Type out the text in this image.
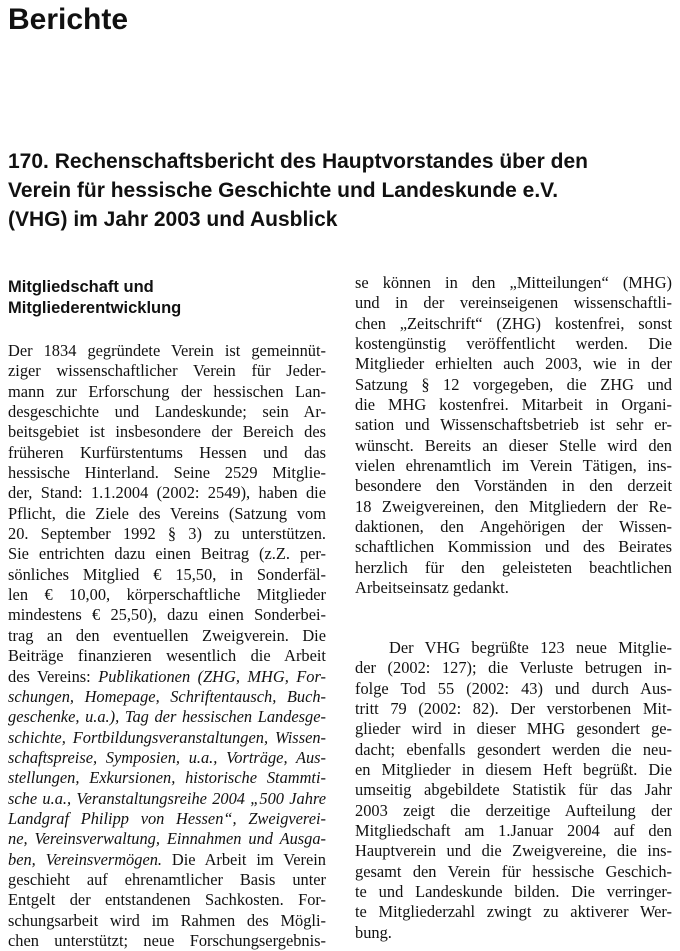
Berichte
170. Rechenschaftsbericht des Hauptvorstandes über den
Verein für hessische Geschichte und Landeskunde e.V.
(VHG) im Jahr 2003 und Ausblick
Mitgliedschaft und
Mitgliederentwicklung
Der 1834 gegründete Verein ist gemeinnüt-
ziger wissenschaftlicher Verein für Jeder-
mann zur Erforschung der hessischen Lan-
desgeschichte und Landeskunde; sein Ar-
beitsgebiet ist insbesondere der Bereich des
früheren Kurfürstentums Hessen und das
hessische Hinterland. Seine 2529 Mitglie-
der, Stand: 1.1.2004 (2002: 2549), haben die
Pflicht, die Ziele des Vereins (Satzung vom
20. September 1992 § 3) zu unterstützen.
Sie entrichten dazu einen Beitrag (z.Z. per-
sönliches Mitglied € 15,50, in Sonderfäl-
len € 10,00, körperschaftliche Mitglieder
mindestens € 25,50), dazu einen Sonderbei-
trag an den eventuellen Zweigverein. Die
Beiträge finanzieren wesentlich die Arbeit
des Vereins: Publikationen (ZHG, MHG, For-
schungen, Homepage, Schriftentausch, Buch-
geschenke, u.a.), Tag der hessischen Landesge-
schichte, Fortbildungsveranstaltungen, Wissen-
schaftspreise, Symposien, u.a., Vorträge, Aus-
stellungen, Exkursionen, historische Stammti-
sche u.a., Veranstaltungsreihe 2004 „500 Jahre
Landgraf Philipp von Hessen“, Zweigverei-
ne, Vereinsverwaltung, Einnahmen und Ausga-
ben, Vereinsvermögen. Die Arbeit im Verein
geschieht auf ehrenamtlicher Basis unter
Entgelt der entstandenen Sachkosten. For-
schungsarbeit wird im Rahmen des Mögli-
chen unterstützt; neue Forschungsergebnis-
se können in den „Mitteilungen“ (MHG)
und in der vereinseigenen wissenschaftli-
chen „Zeitschrift“ (ZHG) kostenfrei, sonst
kostengünstig veröffentlicht werden. Die
Mitglieder erhielten auch 2003, wie in der
Satzung § 12 vorgegeben, die ZHG und
die MHG kostenfrei. Mitarbeit in Organi-
sation und Wissenschaftsbetrieb ist sehr er-
wünscht. Bereits an dieser Stelle wird den
vielen ehrenamtlich im Verein Tätigen, ins-
besondere den Vorständen in den derzeit
18 Zweigvereinen, den Mitgliedern der Re-
daktionen, den Angehörigen der Wissen-
schaftlichen Kommission und des Beirates
herzlich für den geleisteten beachtlichen
Arbeitseinsatz gedankt.
Der VHG begrüßte 123 neue Mitglie-
der (2002: 127); die Verluste betrugen in-
folge Tod 55 (2002: 43) und durch Aus-
tritt 79 (2002: 82). Der verstorbenen Mit-
glieder wird in dieser MHG gesondert ge-
dacht; ebenfalls gesondert werden die neu-
en Mitglieder in diesem Heft begrüßt. Die
umseitig abgebildete Statistik für das Jahr
2003 zeigt die derzeitige Aufteilung der
Mitgliedschaft am 1.Januar 2004 auf den
Hauptverein und die Zweigvereine, die ins-
gesamt den Verein für hessische Geschich-
te und Landeskunde bilden. Die verringer-
te Mitgliederzahl zwingt zu aktiverer Wer-
bung.
